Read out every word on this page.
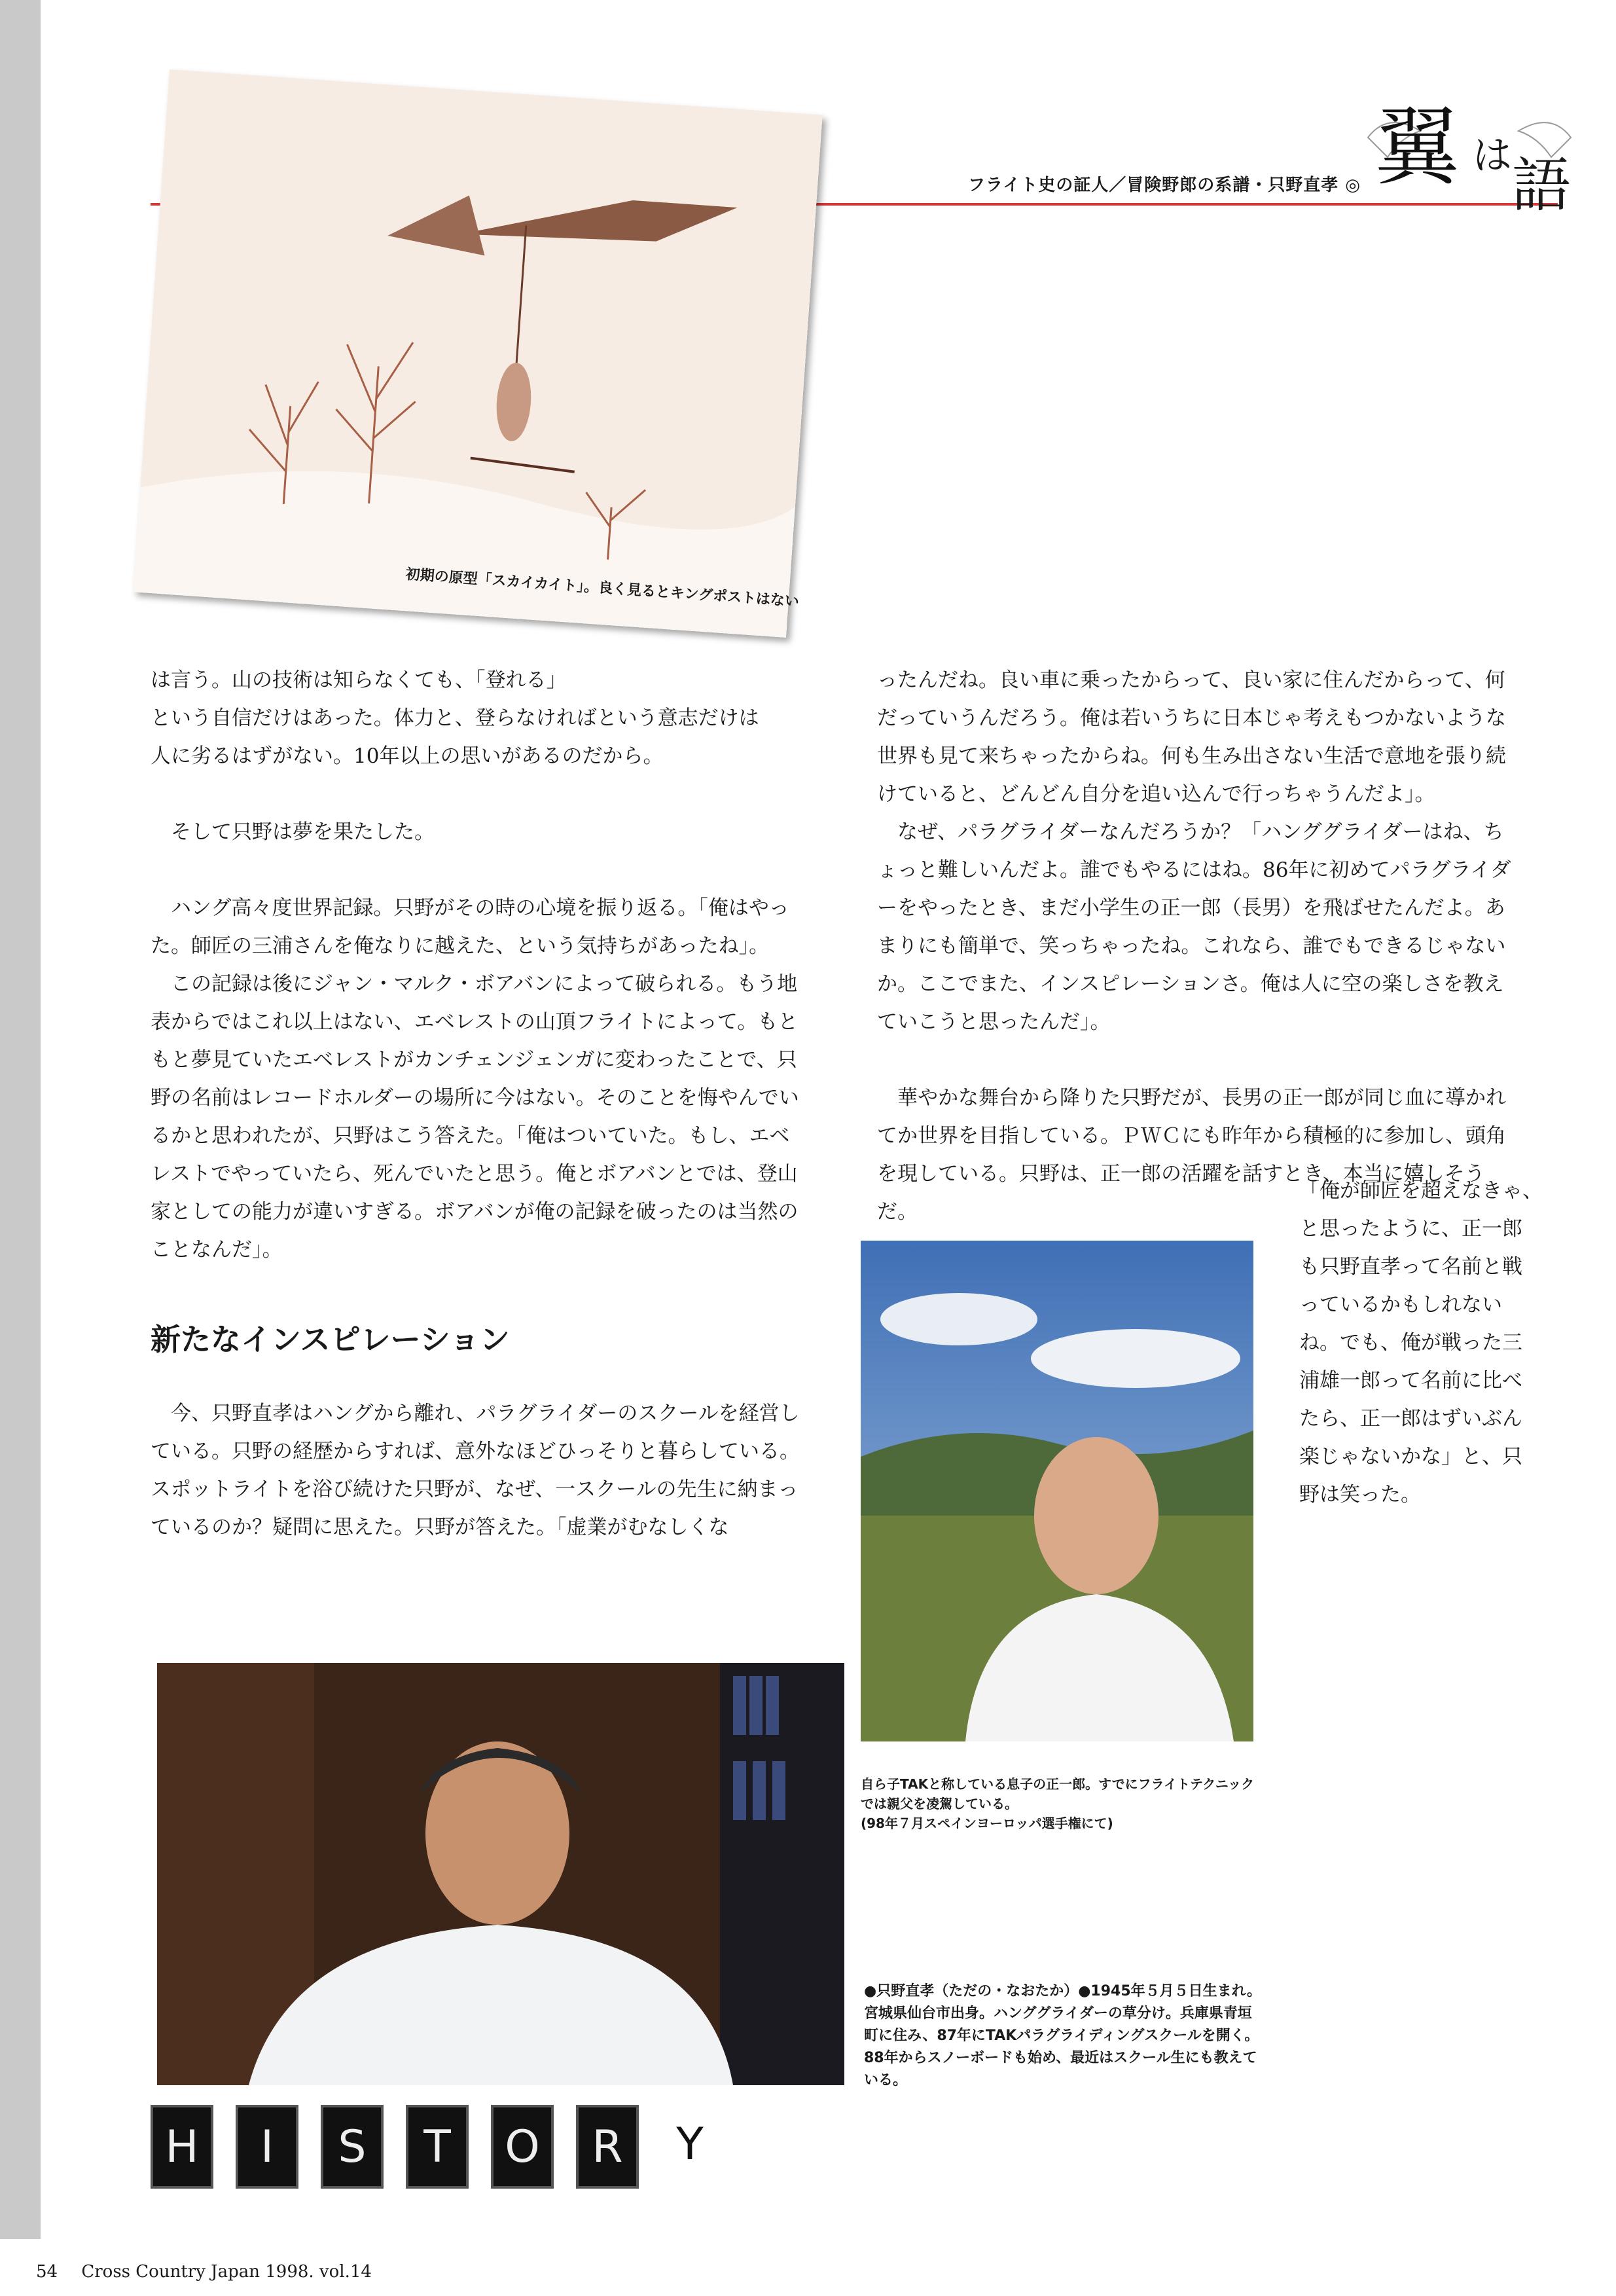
フライト史の証人／冒険野郎の系譜・只野直孝 ◎ 翼 は 語
初期の原型「スカイカイト」。良く見るとキングポストはない

は言う。山の技術は知らなくても、「登れる」

という自信だけはあった。体力と、登らなければという意志だけは

人に劣るはずがない。10年以上の思いがあるのだから。

そして只野は夢を果たした。

ハング高々度世界記録。只野がその時の心境を振り返る。「俺はやった。師匠の三浦さんを俺なりに越えた、という気持ちがあったね」。

この記録は後にジャン・マルク・ボアバンによって破られる。もう地表からではこれ以上はない、エベレストの山頂フライトによって。もともと夢見ていたエベレストがカンチェンジェンガに変わったことで、只野の名前はレコードホルダーの場所に今はない。そのことを悔やんでいるかと思われたが、只野はこう答えた。「俺はついていた。もし、エベレストでやっていたら、死んでいたと思う。俺とボアバンとでは、登山家としての能力が違いすぎる。ボアバンが俺の記録を破ったのは当然のことなんだ」。

新たなインスピレーション

今、只野直孝はハングから離れ、パラグライダーのスクールを経営している。只野の経歴からすれば、意外なほどひっそりと暮らしている。スポットライトを浴び続けた只野が、なぜ、一スクールの先生に納まっているのか？疑問に思えた。只野が答えた。「虚業がむなしくな

ったんだね。良い車に乗ったからって、良い家に住んだからって、何だっていうんだろう。俺は若いうちに日本じゃ考えもつかないような世界も見て来ちゃったからね。何も生み出さない生活で意地を張り続けていると、どんどん自分を追い込んで行っちゃうんだよ」。

なぜ、パラグライダーなんだろうか？「ハンググライダーはね、ちょっと難しいんだよ。誰でもやるにはね。86年に初めてパラグライダーをやったとき、まだ小学生の正一郎（長男）を飛ばせたんだよ。あまりにも簡単で、笑っちゃったね。これなら、誰でもできるじゃないか。ここでまた、インスピレーションさ。俺は人に空の楽しさを教えていこうと思ったんだ」。

華やかな舞台から降りた只野だが、長男の正一郎が同じ血に導かれてか世界を目指している。ＰＷＣにも昨年から積極的に参加し、頭角を現している。只野は、正一郎の活躍を話すとき、本当に嬉しそうだ。

「俺が師匠を超えなきゃ、
と思ったように、正一郎
も只野直孝って名前と戦
っているかもしれない
ね。でも、俺が戦った三
浦雄一郎って名前に比べ
たら、正一郎はずいぶん
楽じゃないかな」と、只
野は笑った。
自ら子TAKと称している息子の正一郎。すでにフライトテクニック
では親父を凌駕している。
(98年７月スペインヨーロッパ選手権にて)
●只野直孝（ただの・なおたか）●1945年５月５日生まれ。
宮城県仙台市出身。ハンググライダーの草分け。兵庫県青垣
町に住み、87年にTAKパラグライディングスクールを開く。
88年からスノーボードも始め、最近はスクール生にも教えて
いる。
H I S T O R Y
54 Cross Country Japan 1998. vol.14
